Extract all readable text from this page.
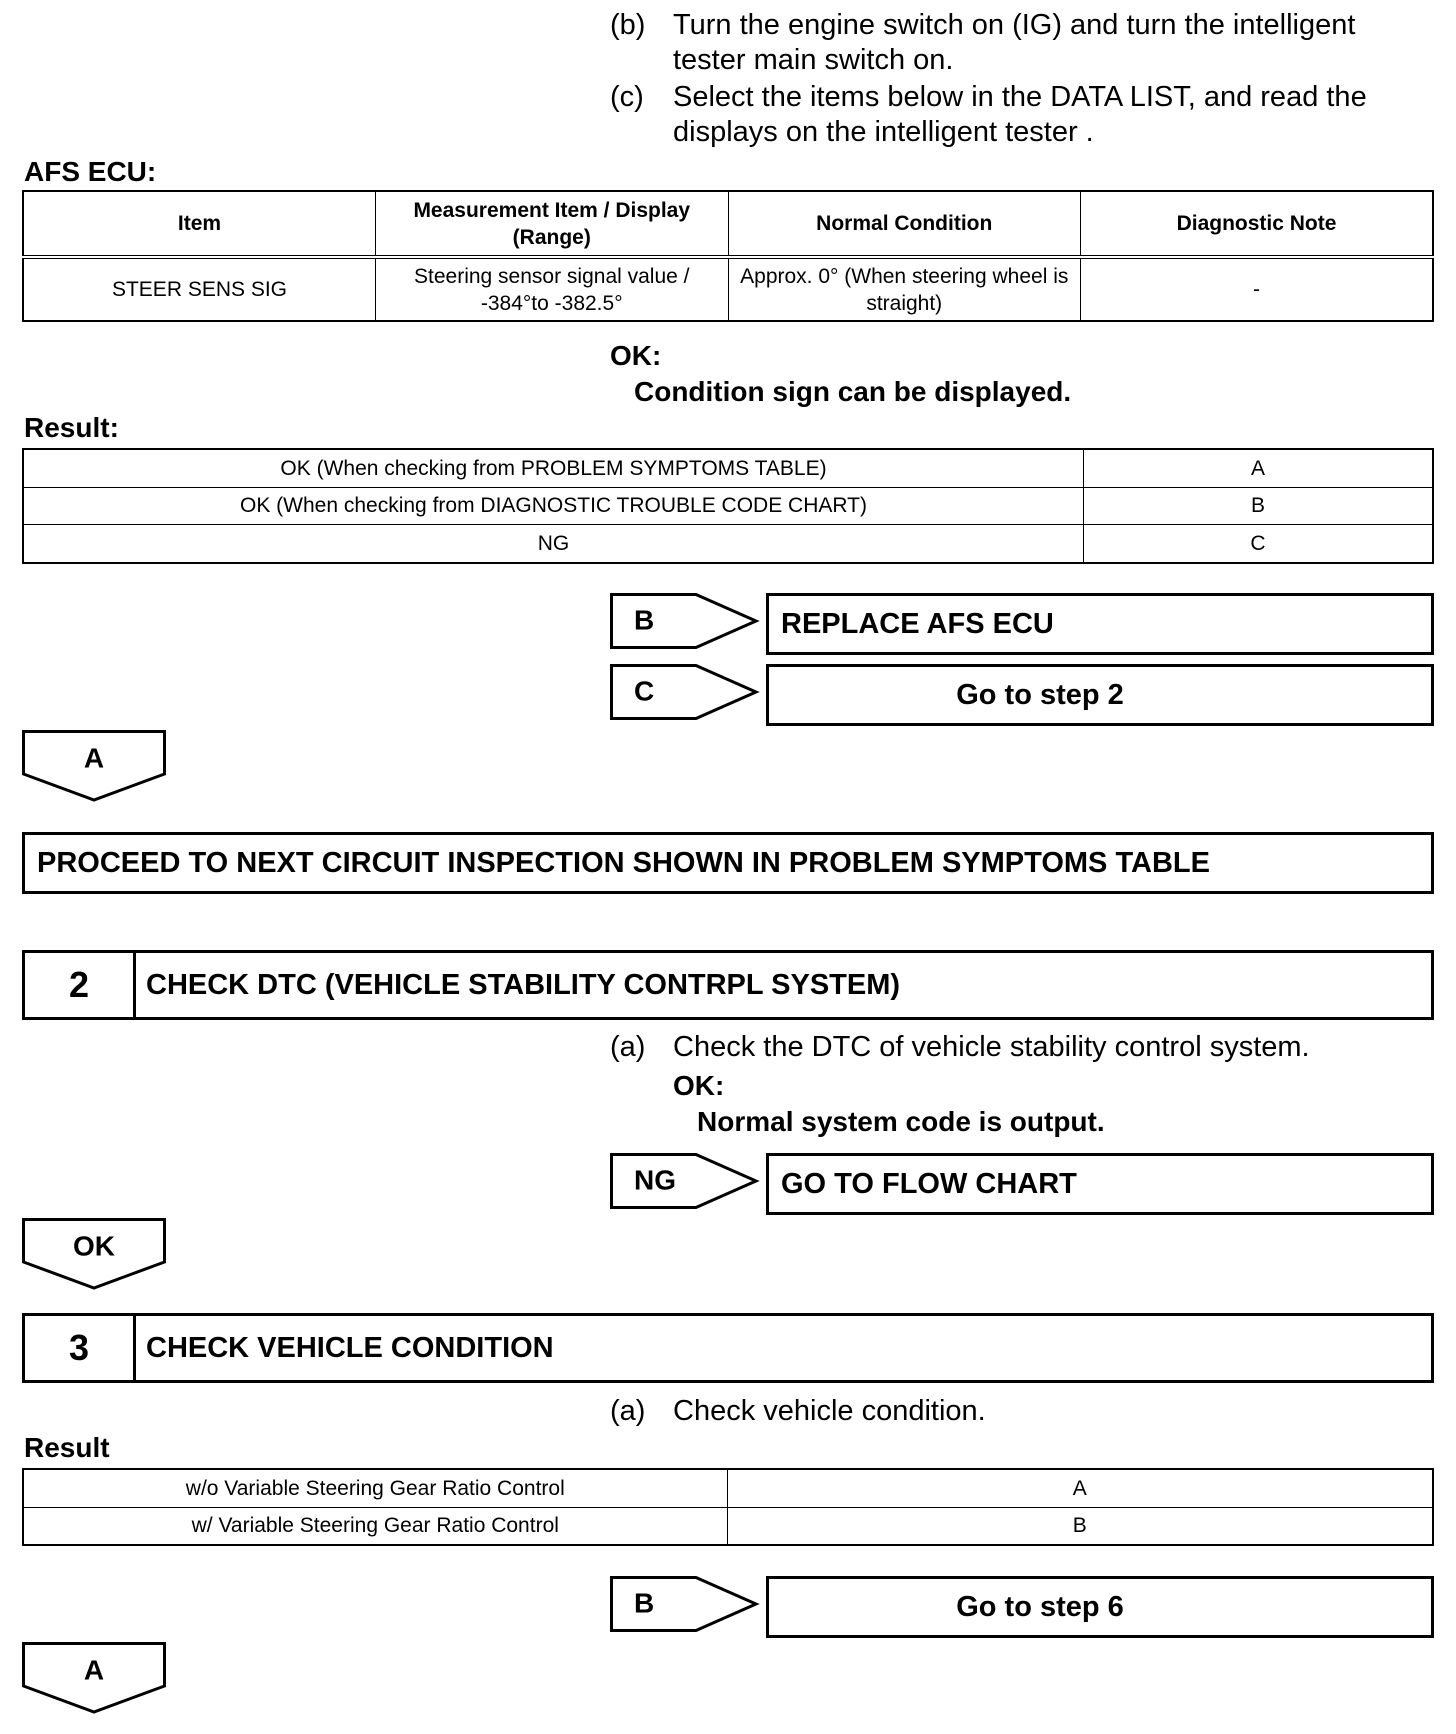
(b) Turn the engine switch on (IG) and turn the intelligent tester main switch on.
(c) Select the items below in the DATA LIST, and read the displays on the intelligent tester .
AFS ECU:
Item	Measurement Item / Display (Range)	Normal Condition	Diagnostic Note
STEER SENS SIG	Steering sensor signal value / -384°to -382.5°	Approx. 0° (When steering wheel is straight)	-
OK:
Condition sign can be displayed.
Result:
OK (When checking from PROBLEM SYMPTOMS TABLE)	A
OK (When checking from DIAGNOSTIC TROUBLE CODE CHART)	B
NG	C
B	REPLACE AFS ECU
C	Go to step 2
A
PROCEED TO NEXT CIRCUIT INSPECTION SHOWN IN PROBLEM SYMPTOMS TABLE
2	CHECK DTC (VEHICLE STABILITY CONTRPL SYSTEM)
(a) Check the DTC of vehicle stability control system.
OK:
Normal system code is output.
NG	GO TO FLOW CHART
OK
3	CHECK VEHICLE CONDITION
(a) Check vehicle condition.
Result
w/o Variable Steering Gear Ratio Control	A
w/ Variable Steering Gear Ratio Control	B
B	Go to step 6
A
